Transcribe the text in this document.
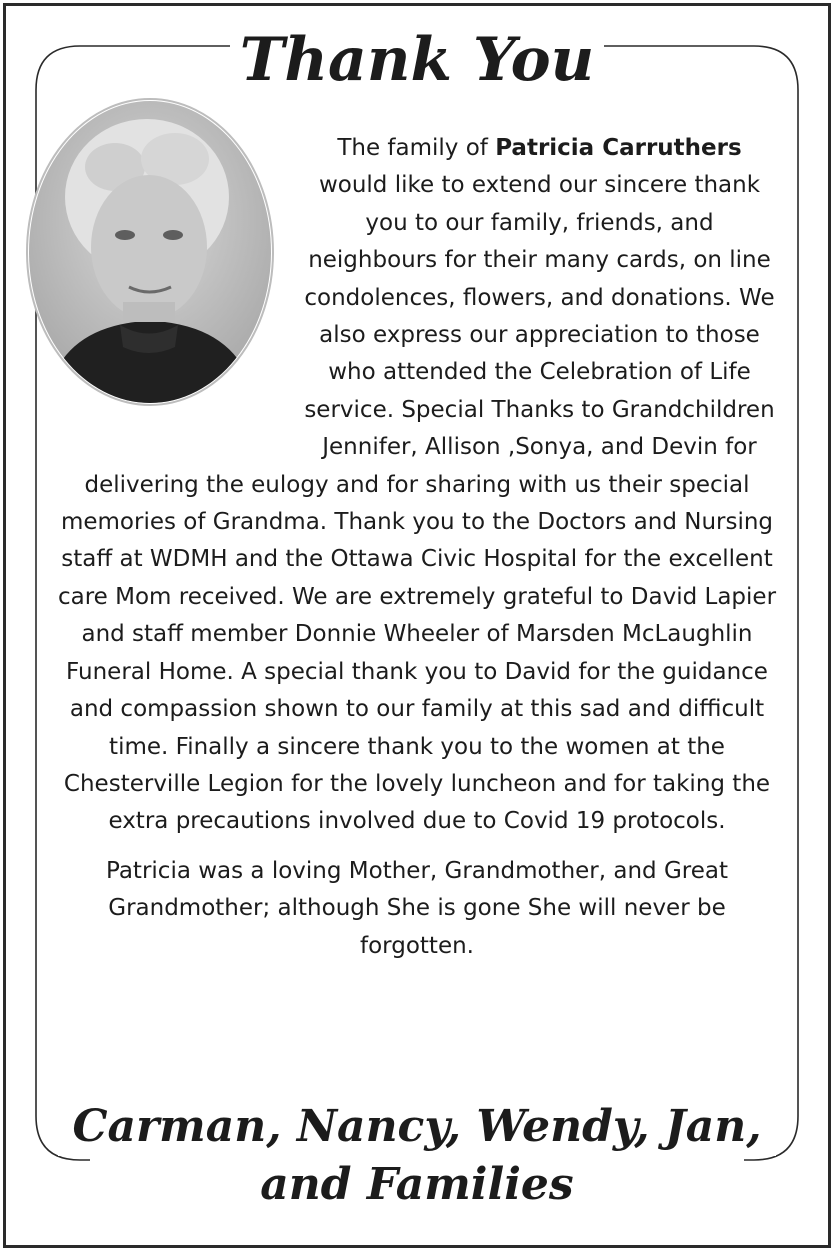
Thank You

The family of Patricia Carruthers would like to extend our sincere thank you to our family, friends, and neighbours for their many cards, on line condolences, flowers, and donations. We also express our appreciation to those who attended the Celebration of Life service. Special Thanks to Grandchildren Jennifer, Allison ,Sonya, and Devin for delivering the eulogy and for sharing with us their special memories of Grandma. Thank you to the Doctors and Nursing staff at WDMH and the Ottawa Civic Hospital for the excellent care Mom received. We are extremely grateful to David Lapier and staff member Donnie Wheeler of Marsden McLaughlin Funeral Home. A special thank you to David for the guidance and compassion shown to our family at this sad and difficult time. Finally a sincere thank you to the women at the Chesterville Legion for the lovely luncheon and for taking the extra precautions involved due to Covid 19 protocols.

Patricia was a loving Mother, Grandmother, and Great Grandmother; although She is gone She will never be forgotten.

Carman, Nancy, Wendy, Jan,
and Families
